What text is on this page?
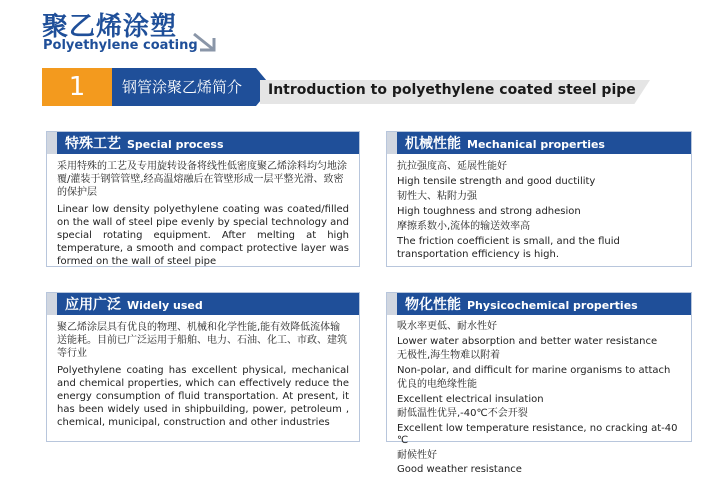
聚乙烯涂塑
Polyethylene coating
1	钢管涂聚乙烯简介 Introduction to polyethylene coated steel pipe
特殊工艺 Special process

采用特殊的工艺及专用旋转设备将线性低密度聚乙烯涂料均匀地涂覆/灌装于钢管管壁,经高温熔融后在管壁形成一层平整光滑、致密的保护层

Linear low density polyethylene coating was coated/filled on the wall of steel pipe evenly by special technology and special rotating equipment. After melting at high temperature, a smooth and compact protective layer was formed on the wall of steel pipe

机械性能 Mechanical properties

抗拉强度高、延展性能好

High tensile strength and good ductility

韧性大、粘附力强

High toughness and strong adhesion

摩擦系数小,流体的输送效率高

The friction coefficient is small, and the fluid transportation efficiency is high.

应用广泛 Widely used

聚乙烯涂层具有优良的物理、机械和化学性能,能有效降低流体输送能耗。目前已广泛运用于船舶、电力、石油、化工、市政、建筑等行业

Polyethylene coating has excellent physical, mechanical and chemical properties, which can effectively reduce the energy consumption of fluid transportation. At present, it has been widely used in shipbuilding, power, petroleum , chemical, municipal, construction and other industries

物化性能 Physicochemical properties

吸水率更低、耐水性好

Lower water absorption and better water resistance

无极性,海生物难以附着

Non-polar, and difficult for marine organisms to attach

优良的电绝缘性能

Excellent electrical insulation

耐低温性优异,-40℃不会开裂

Excellent low temperature resistance, no cracking at-40 ℃

耐候性好

Good weather resistance
